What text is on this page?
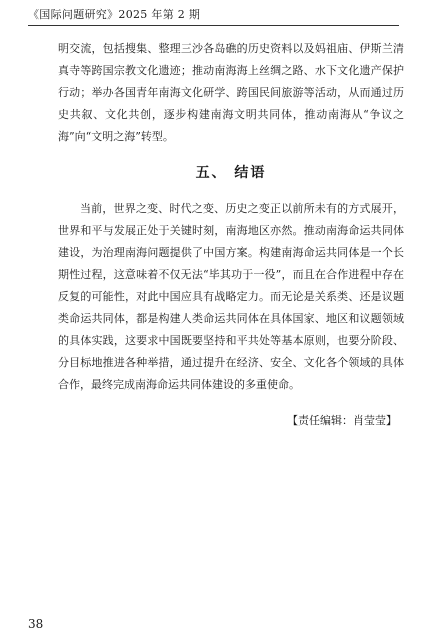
《国际问题研究》2025 年第 2 期

明交流，包括搜集、整理三沙各岛礁的历史资料以及妈祖庙、伊斯兰清真寺等跨国宗教文化遗迹；推动南海海上丝绸之路、水下文化遗产保护行动；举办各国青年南海文化研学、跨国民间旅游等活动，从而通过历史共叙、文化共创，逐步构建南海文明共同体，推动南海从“争议之海”向“文明之海”转型。

五、 结语

当前，世界之变、时代之变、历史之变正以前所未有的方式展开，世界和平与发展正处于关键时刻，南海地区亦然。推动南海命运共同体建设，为治理南海问题提供了中国方案。构建南海命运共同体是一个长期性过程，这意味着不仅无法“毕其功于一役”，而且在合作进程中存在反复的可能性，对此中国应具有战略定力。而无论是关系类、还是议题类命运共同体，都是构建人类命运共同体在具体国家、地区和议题领域的具体实践，这要求中国既要坚持和平共处等基本原则，也要分阶段、分目标地推进各种举措，通过提升在经济、安全、文化各个领域的具体合作，最终完成南海命运共同体建设的多重使命。

【责任编辑：肖莹莹】
38
